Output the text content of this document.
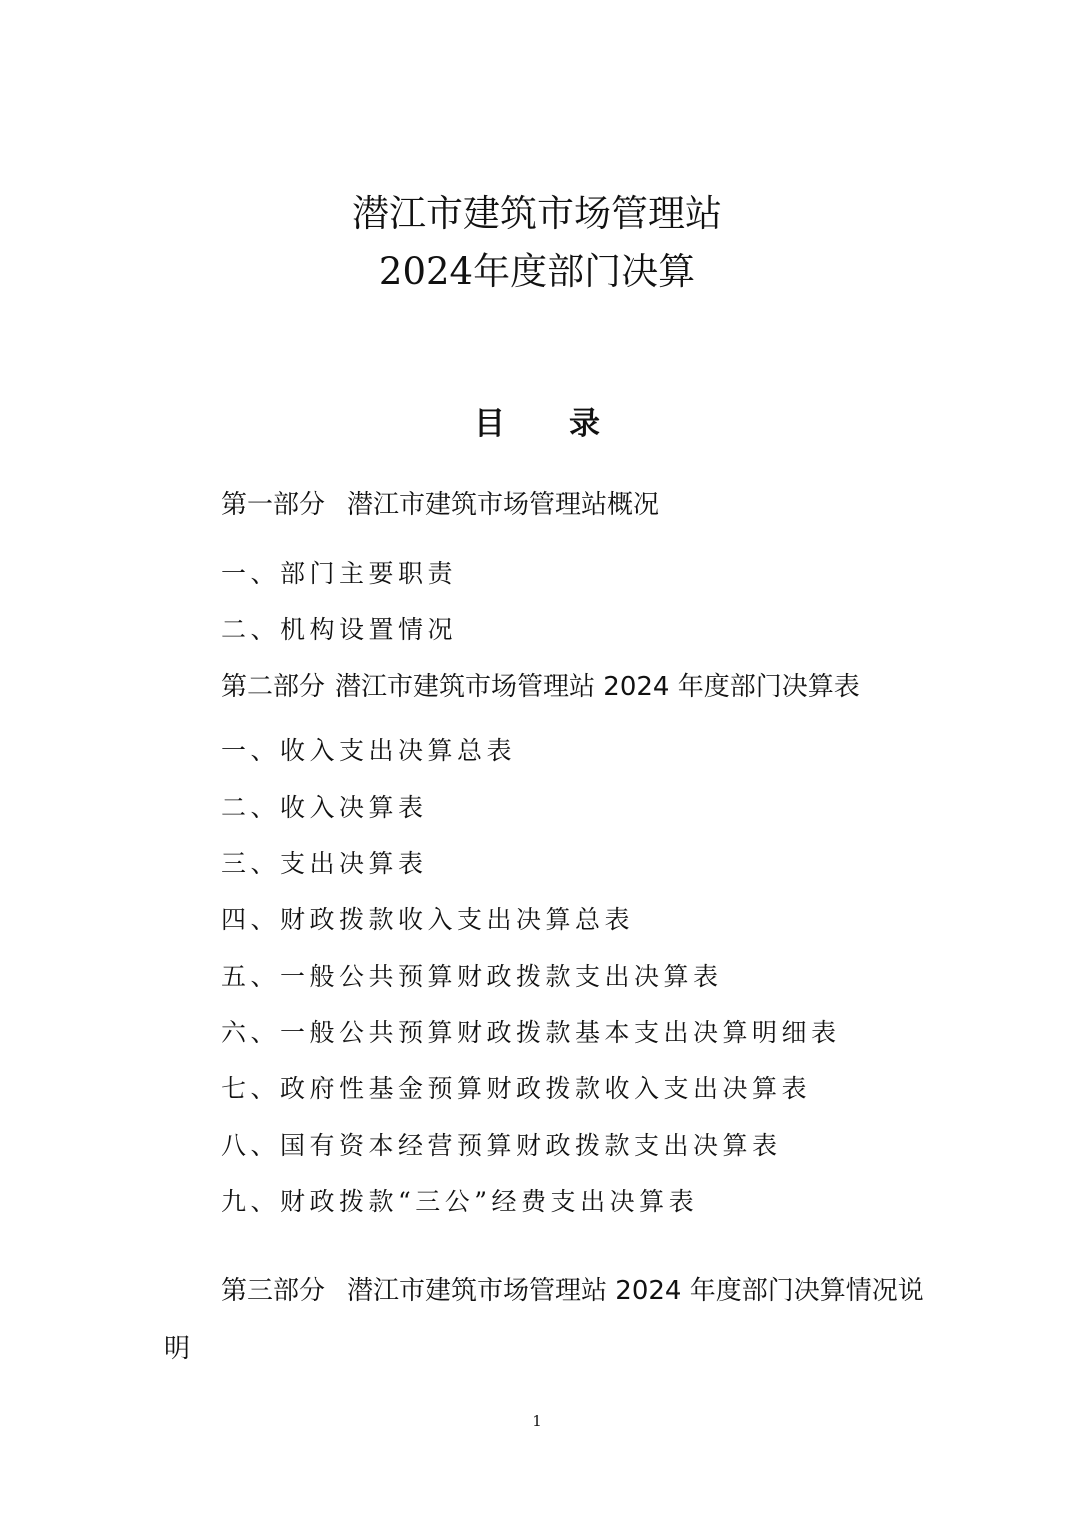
潜江市建筑市场管理站
2024年度部门决算
目录

第一部分 潜江市建筑市场管理站概况

一、部门主要职责

二、机构设置情况

第二部分 潜江市建筑市场管理站 2024 年度部门决算表

一、收入支出决算总表

二、收入决算表

三、支出决算表

四、财政拨款收入支出决算总表

五、一般公共预算财政拨款支出决算表

六、一般公共预算财政拨款基本支出决算明细表

七、政府性基金预算财政拨款收入支出决算表

八、国有资本经营预算财政拨款支出决算表

九、财政拨款“三公”经费支出决算表

第三部分 潜江市建筑市场管理站 2024 年度部门决算情况说明

1
